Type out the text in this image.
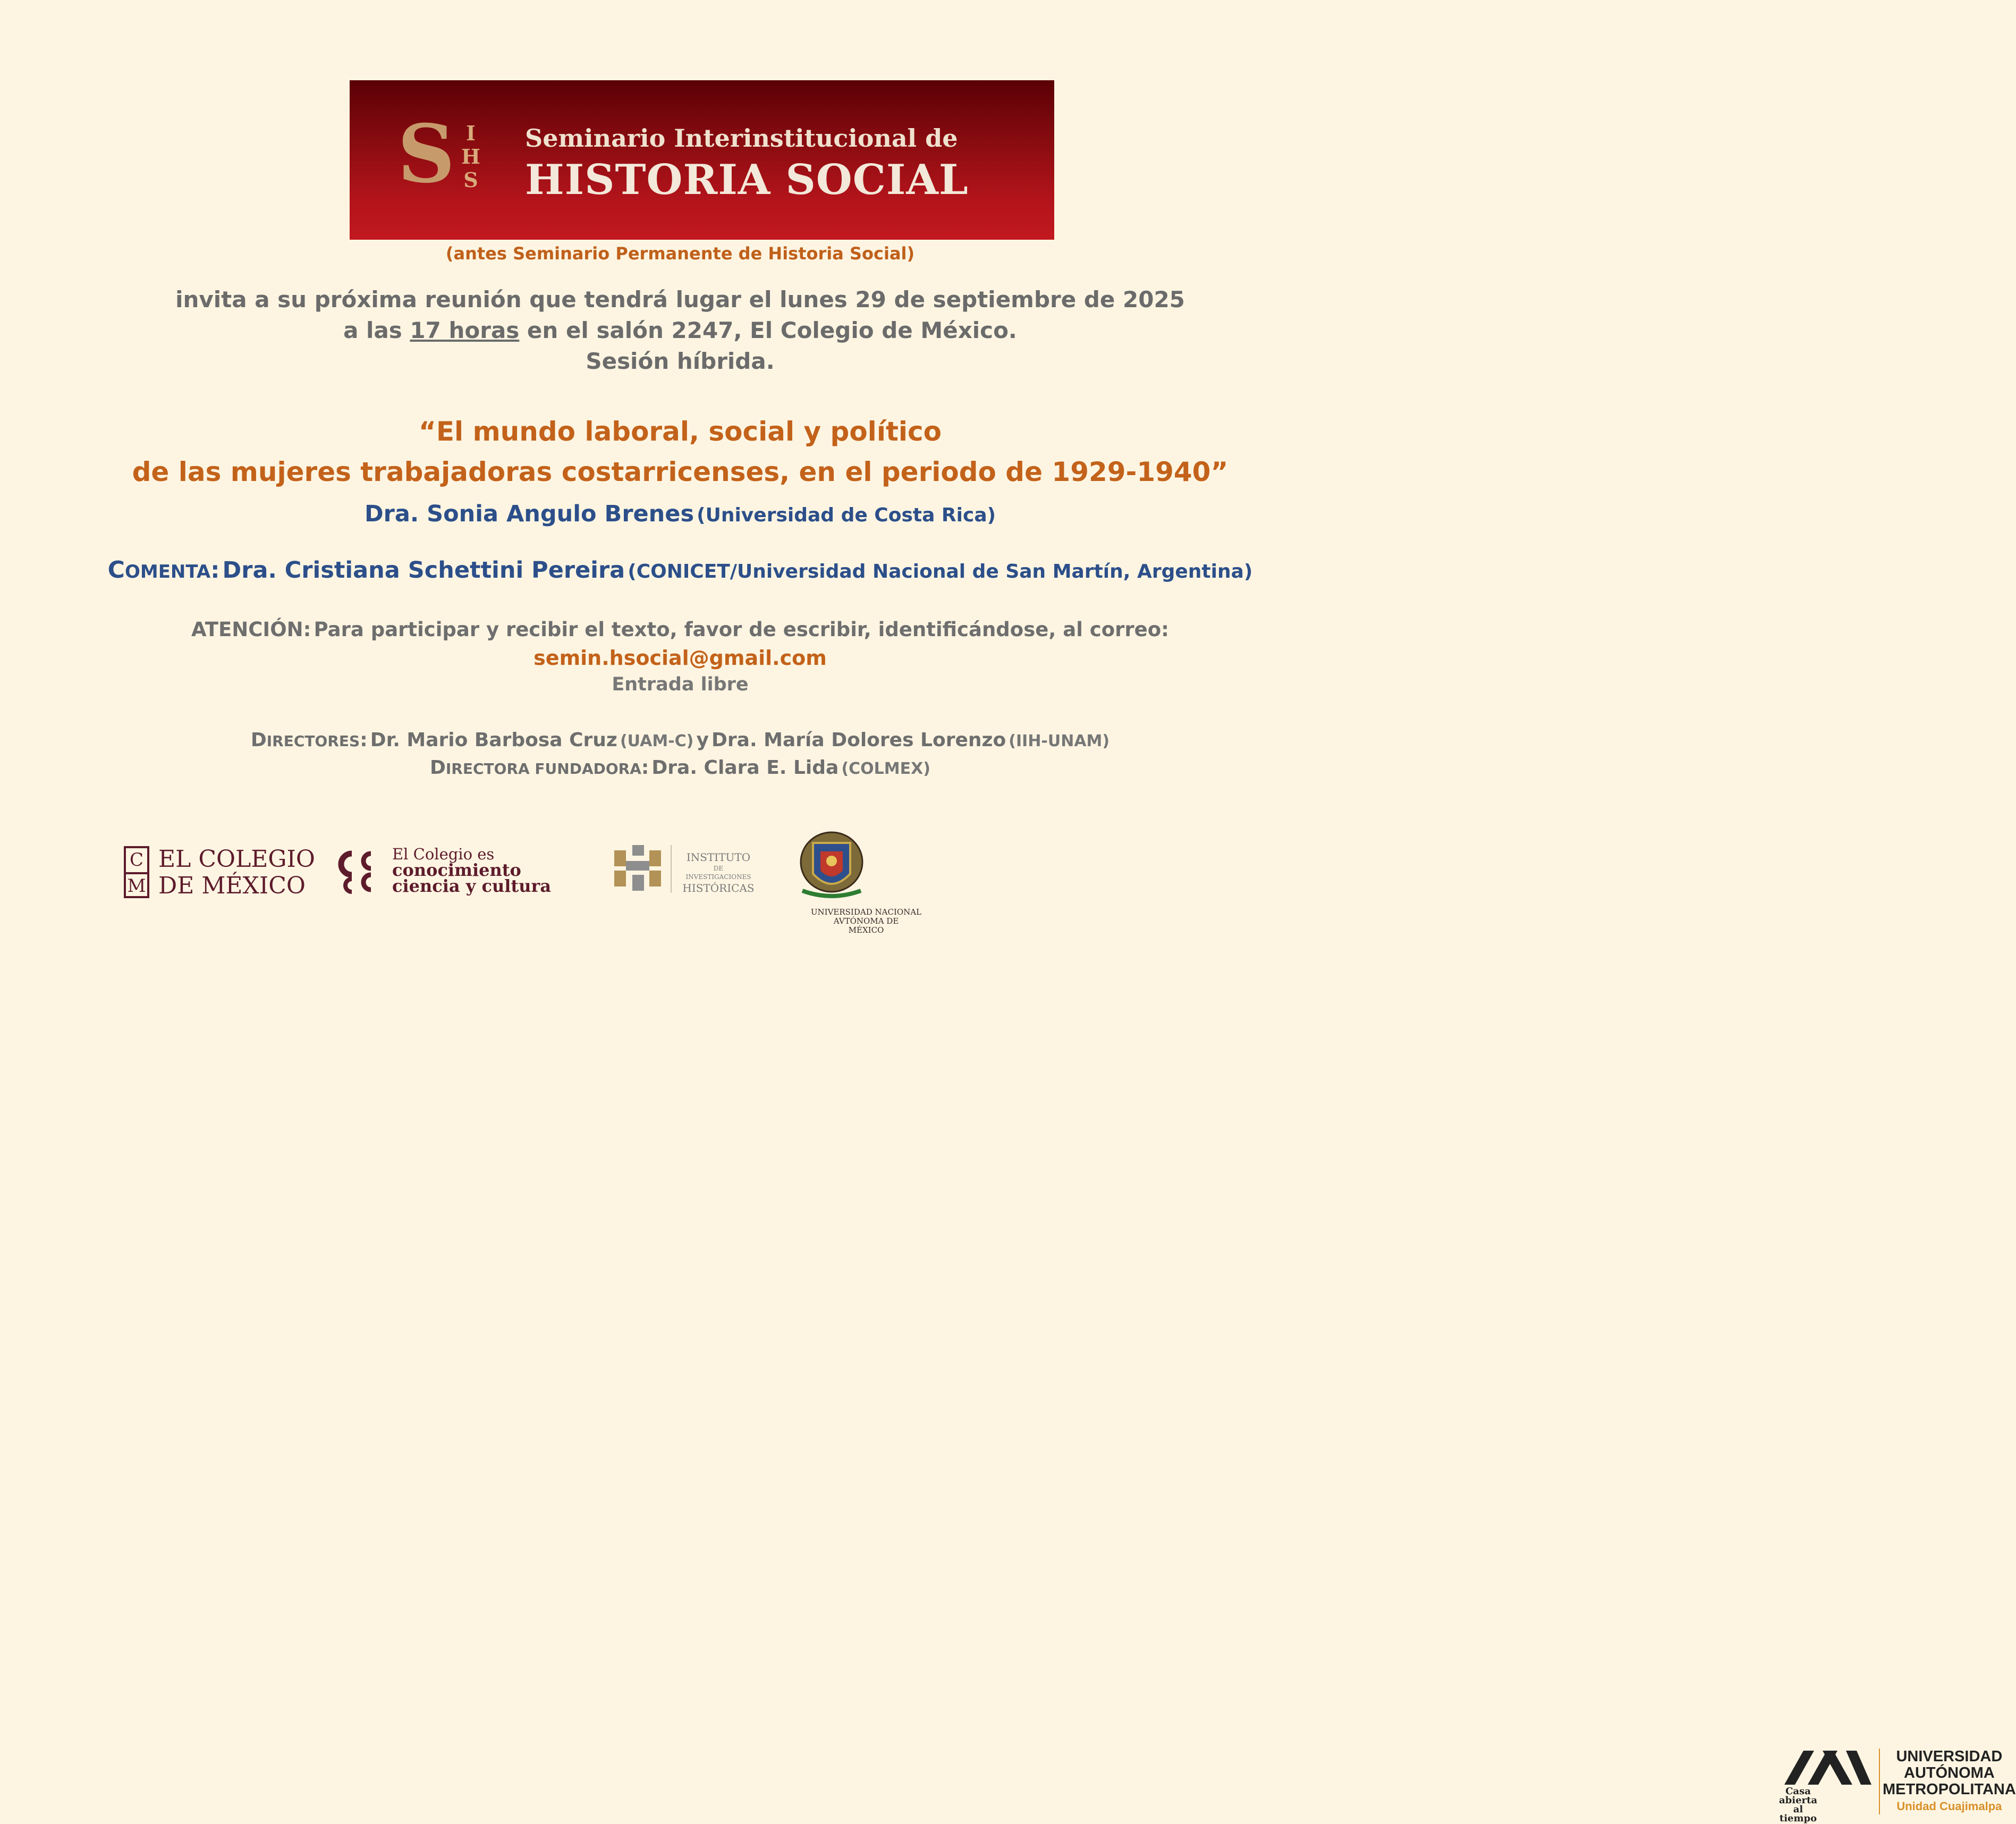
S I
H
S
Seminario Interinstitucional de
HISTORIA SOCIAL
(antes Seminario Permanente de Historia Social)
invita a su próxima reunión que tendrá lugar el lunes 29 de septiembre de 2025
a las 17 horas en el salón 2247, El Colegio de México.
Sesión híbrida.
“El mundo laboral, social y político
de las mujeres trabajadoras costarricenses, en el periodo de 1929-1940”
Dra. Sonia Angulo Brenes (Universidad de Costa Rica)
COMENTA: Dra. Cristiana Schettini Pereira (CONICET/Universidad Nacional de San Martín, Argentina)
ATENCIÓN: Para participar y recibir el texto, favor de escribir, identificándose, al correo:
semin.hsocial@gmail.com
Entrada libre
DIRECTORES: Dr. Mario Barbosa Cruz (UAM-C) y Dra. María Dolores Lorenzo (IIH-UNAM)
DIRECTORA FUNDADORA: Dra. Clara E. Lida (COLMEX)
C
M
EL COLEGIO
DE MÉXICO
El Colegio es
conocimiento
ciencia y cultura
INSTITUTO
DE INVESTIGACIONES
HISTÓRICAS
UNIVERSIDAD NACIONAL
AVTÓNOMA DE
MÉXICO
Casa abierta al tiempo
UNIVERSIDAD
AUTÓNOMA
METROPOLITANA
Unidad Cuajimalpa
